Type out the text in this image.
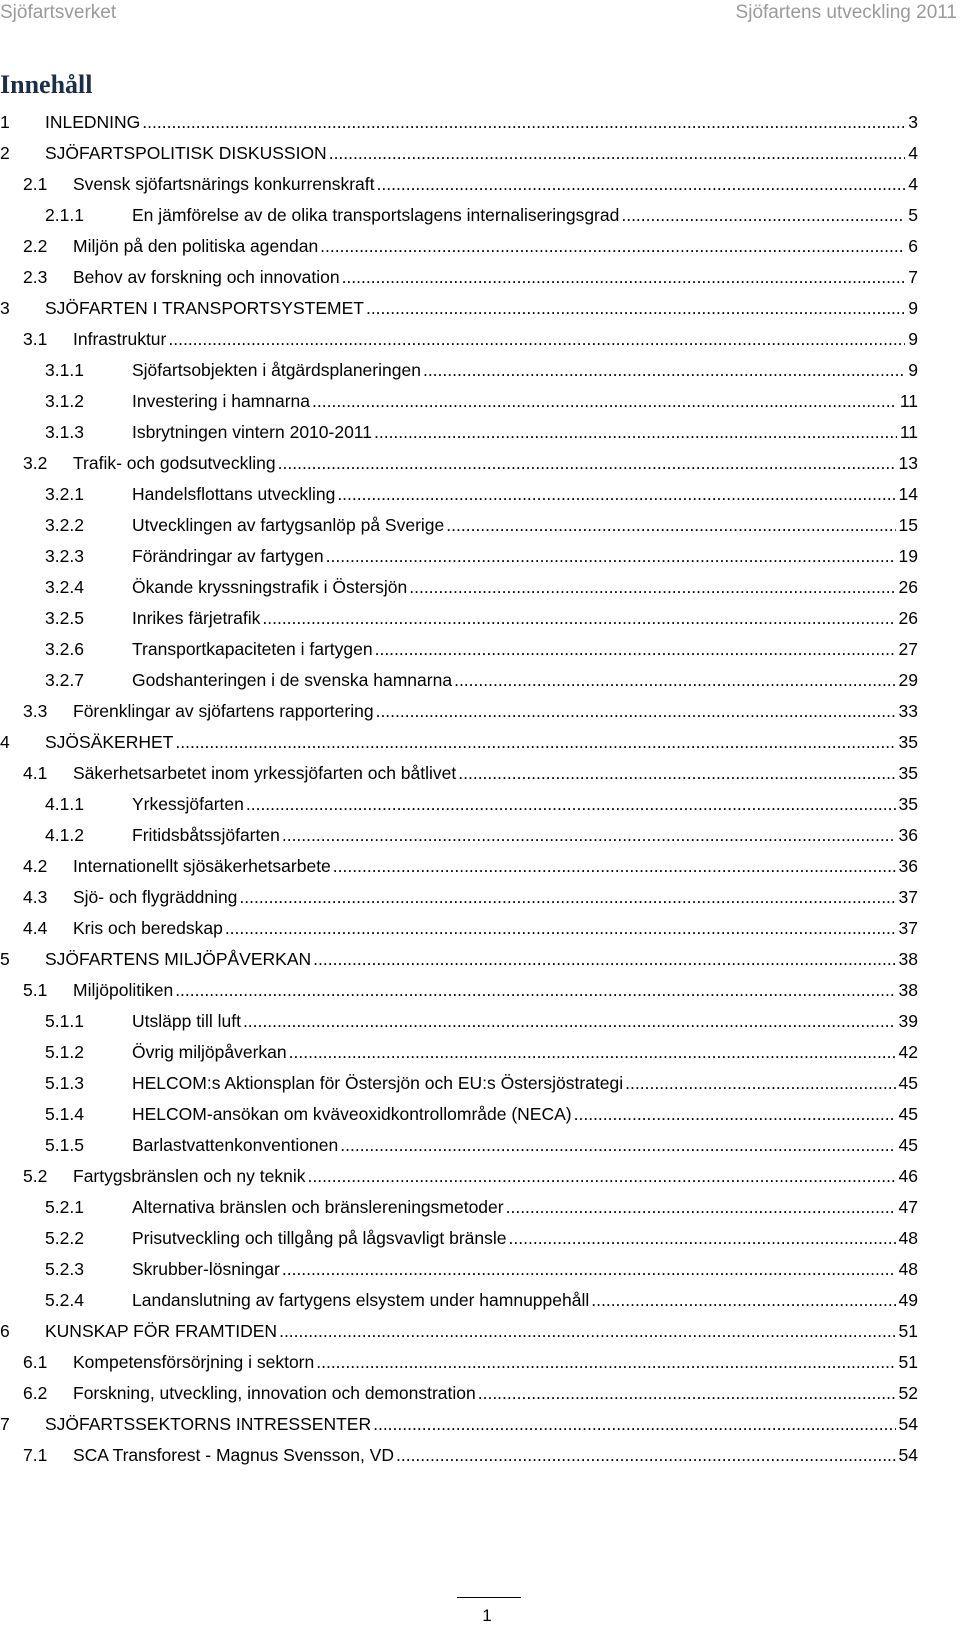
Sjöfartsverket	Sjöfartens utveckling 2011
Innehåll
1 INLEDNING .....	3
2 SJÖFARTSPOLITISK DISKUSSION .....	4
2.1 Svensk sjöfartsnärings konkurrenskraft .....	4
2.1.1	En jämförelse av de olika transportslagens internaliseringsgrad .....	5
2.2 Miljön på den politiska agendan .....	6
2.3 Behov av forskning och innovation .....	7
3 SJÖFARTEN I TRANSPORTSYSTEMET .....	9
3.1 Infrastruktur .....	9
3.1.1	Sjöfartsobjekten i åtgärdsplaneringen .....	9
3.1.2	Investering i hamnarna .....	11
3.1.3	Isbrytningen vintern 2010-2011 .....	11
3.2 Trafik- och godsutveckling .....	13
3.2.1	Handelsflottans utveckling .....	14
3.2.2	Utvecklingen av fartygsanlöp på Sverige .....	15
3.2.3	Förändringar av fartygen .....	19
3.2.4	Ökande kryssningstrafik i Östersjön .....	26
3.2.5	Inrikes färjetrafik .....	26
3.2.6	Transportkapaciteten i fartygen .....	27
3.2.7	Godshanteringen i de svenska hamnarna .....	29
3.3 Förenklingar av sjöfartens rapportering .....	33
4 SJÖSÄKERHET .....	35
4.1 Säkerhetsarbetet inom yrkessjöfarten och båtlivet .....	35
4.1.1	Yrkessjöfarten .....	35
4.1.2	Fritidsbåtssjöfarten .....	36
4.2 Internationellt sjösäkerhetsarbete .....	36
4.3 Sjö- och flygräddning .....	37
4.4 Kris och beredskap .....	37
5 SJÖFARTENS MILJÖPÅVERKAN .....	38
5.1 Miljöpolitiken .....	38
5.1.1	Utsläpp till luft .....	39
5.1.2	Övrig miljöpåverkan .....	42
5.1.3	HELCOM:s Aktionsplan för Östersjön och EU:s Östersjöstrategi .....	45
5.1.4	HELCOM-ansökan om kväveoxidkontrollområde (NECA) .....	45
5.1.5	Barlastvattenkonventionen .....	45
5.2 Fartygsbränslen och ny teknik .....	46
5.2.1	Alternativa bränslen och bränslereningsmetoder .....	47
5.2.2	Prisutveckling och tillgång på lågsvavligt bränsle .....	48
5.2.3	Skrubber-lösningar .....	48
5.2.4	Landanslutning av fartygens elsystem under hamnuppehåll .....	49
6 KUNSKAP FÖR FRAMTIDEN .....	51
6.1 Kompetensförsörjning i sektorn .....	51
6.2 Forskning, utveckling, innovation och demonstration .....	52
7 SJÖFARTSSEKTORNS INTRESSENTER .....	54
7.1 SCA Transforest - Magnus Svensson, VD .....	54
1
